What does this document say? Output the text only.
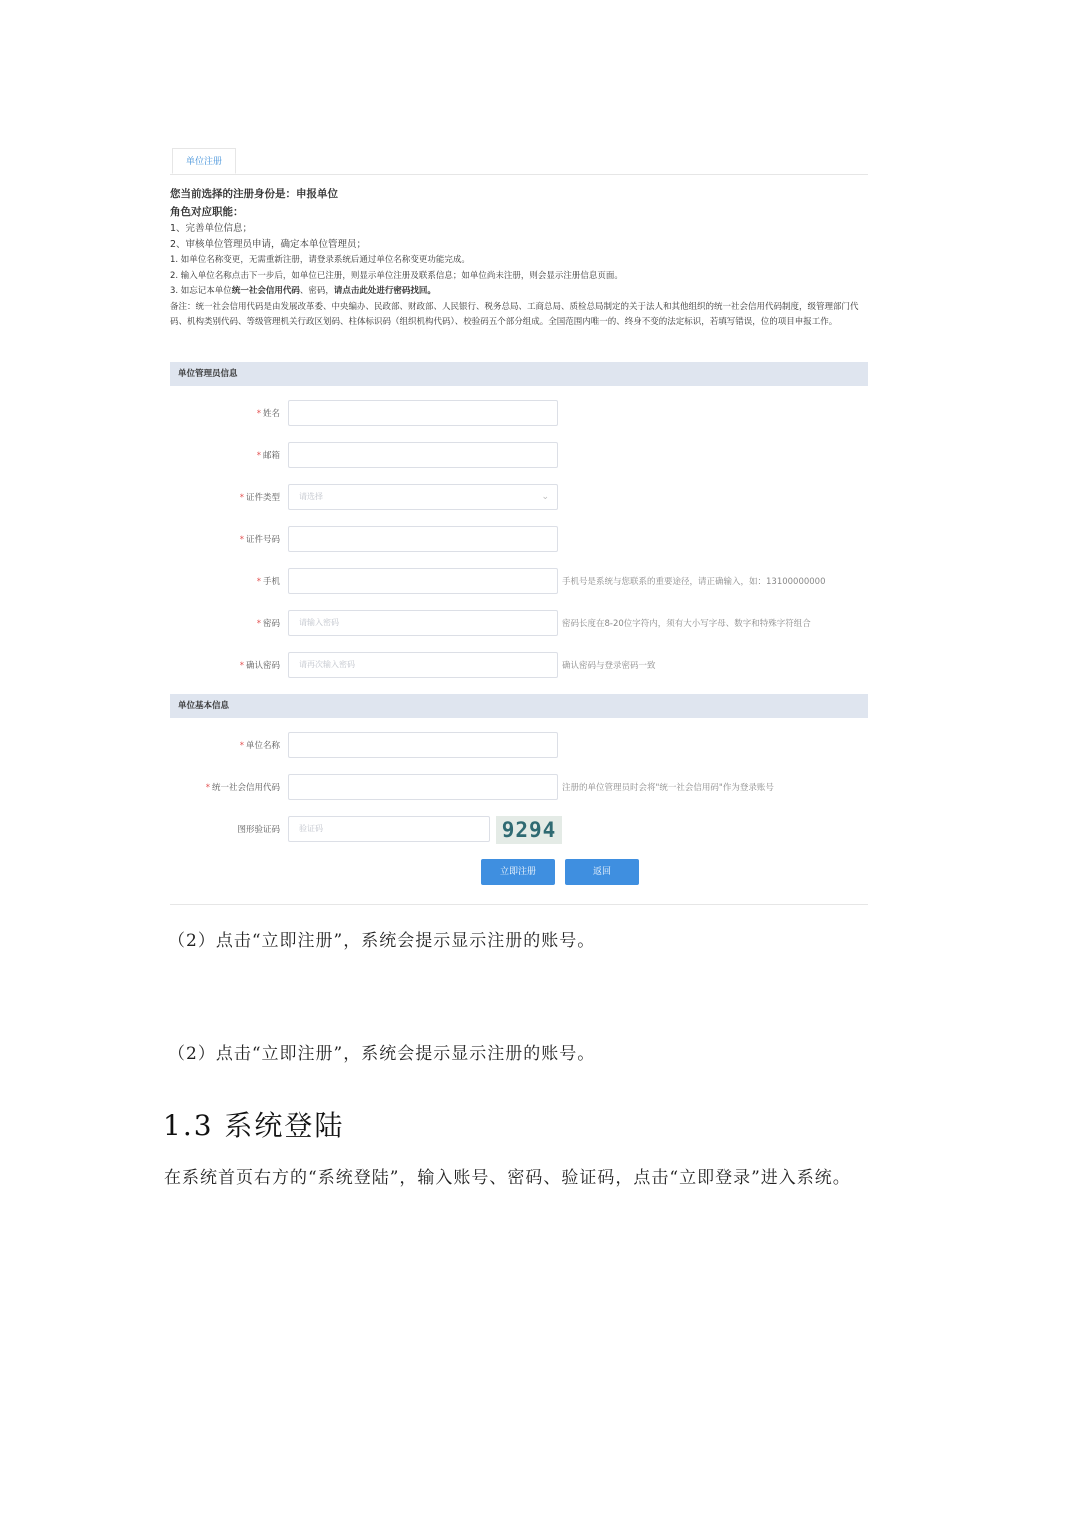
单位注册
您当前选择的注册身份是：申报单位
角色对应职能：
1、完善单位信息；
2、审核单位管理员申请，确定本单位管理员；
1. 如单位名称变更，无需重新注册，请登录系统后通过单位名称变更功能完成。
2. 输入单位名称点击下一步后，如单位已注册，则显示单位注册及联系信息；如单位尚未注册，则会显示注册信息页面。
3. 如忘记本单位统一社会信用代码、密码，请点击此处进行密码找回。
备注：统一社会信用代码是由发展改革委、中央编办、民政部、财政部、人民银行、税务总局、工商总局、质检总局制定的关于法人和其他组织的统一社会信用代码制度，级管理部门代码、机构类别代码、等级管理机关行政区划码、柱体标识码（组织机构代码）、校验码五个部分组成。全国范围内唯一的、终身不变的法定标识，若填写错误，位的项目申报工作。
单位管理员信息
* 姓名
* 邮箱
* 证件类型	请选择	⌄
* 证件号码
* 手机	手机号是系统与您联系的重要途径，请正确输入，如：13100000000
* 密码	请输入密码	密码长度在8-20位字符内，须有大小写字母、数字和特殊字符组合
* 确认密码	请再次输入密码	确认密码与登录密码一致
单位基本信息
* 单位名称
* 统一社会信用代码	注册的单位管理员时会将"统一社会信用码"作为登录账号
图形验证码	验证码	9294
立即注册	返回
（2）点击“立即注册”，系统会提示显示注册的账号。
（2）点击“立即注册”，系统会提示显示注册的账号。
1.3 系统登陆
在系统首页右方的“系统登陆”，输入账号、密码、验证码，点击“立即登录”进入系统。
